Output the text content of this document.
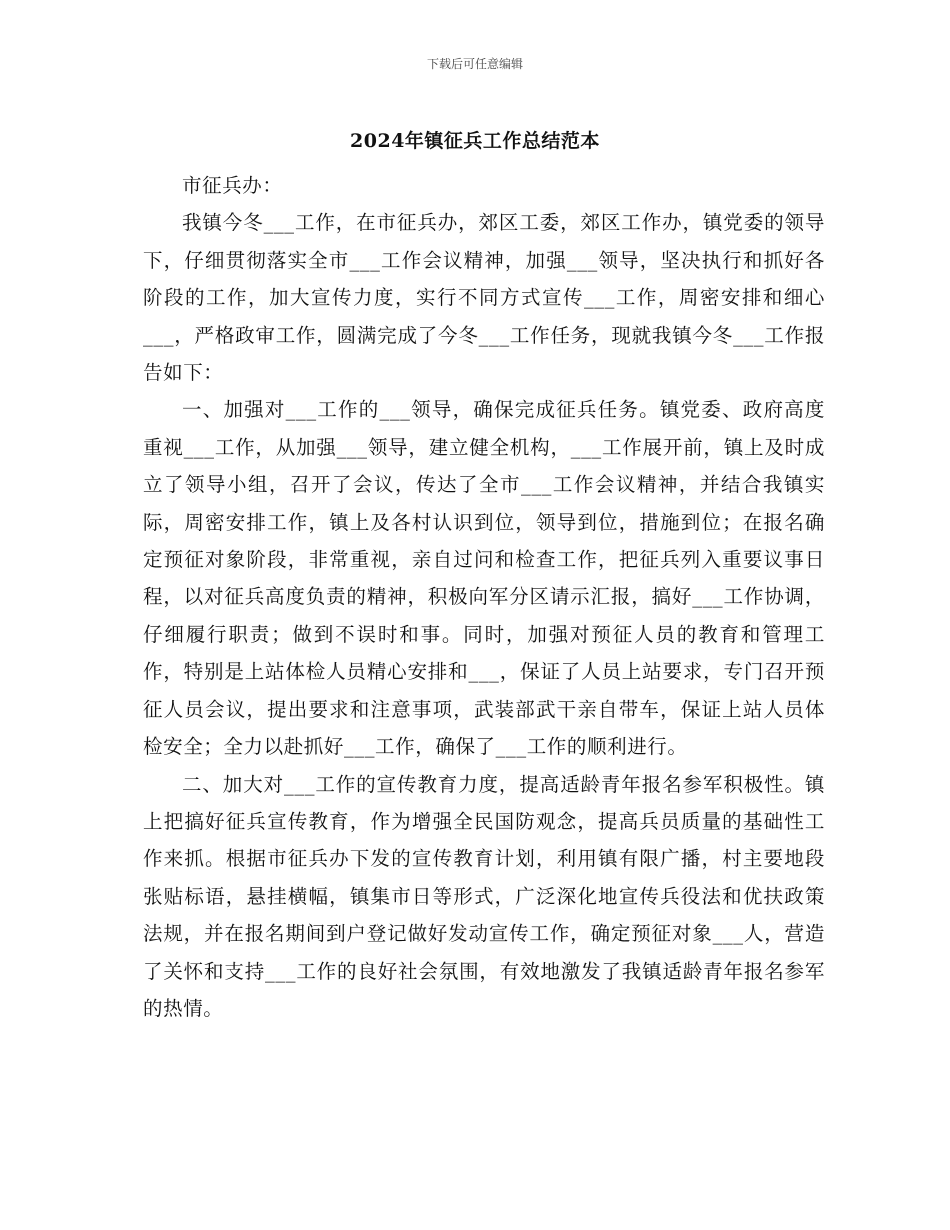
下载后可任意编辑
2024年镇征兵工作总结范本

市征兵办：

我镇今冬___工作，在市征兵办，郊区工委，郊区工作办，镇党委的领导下，仔细贯彻落实全市___工作会议精神，加强___领导，坚决执行和抓好各阶段的工作，加大宣传力度，实行不同方式宣传___工作，周密安排和细心___，严格政审工作，圆满完成了今冬___工作任务，现就我镇今冬___工作报告如下：

一、加强对___工作的___领导，确保完成征兵任务。镇党委、政府高度重视___工作，从加强___领导，建立健全机构，___工作展开前，镇上及时成立了领导小组，召开了会议，传达了全市___工作会议精神，并结合我镇实际，周密安排工作，镇上及各村认识到位，领导到位，措施到位；在报名确定预征对象阶段，非常重视，亲自过问和检查工作，把征兵列入重要议事日程，以对征兵高度负责的精神，积极向军分区请示汇报，搞好___工作协调，仔细履行职责；做到不误时和事。同时，加强对预征人员的教育和管理工作，特别是上站体检人员精心安排和___，保证了人员上站要求，专门召开预征人员会议，提出要求和注意事项，武装部武干亲自带车，保证上站人员体检安全；全力以赴抓好___工作，确保了___工作的顺利进行。

二、加大对___工作的宣传教育力度，提高适龄青年报名参军积极性。镇上把搞好征兵宣传教育，作为增强全民国防观念，提高兵员质量的基础性工作来抓。根据市征兵办下发的宣传教育计划，利用镇有限广播，村主要地段张贴标语，悬挂横幅，镇集市日等形式，广泛深化地宣传兵役法和优扶政策法规，并在报名期间到户登记做好发动宣传工作，确定预征对象___人，营造了关怀和支持___工作的良好社会氛围，有效地激发了我镇适龄青年报名参军的热情。
